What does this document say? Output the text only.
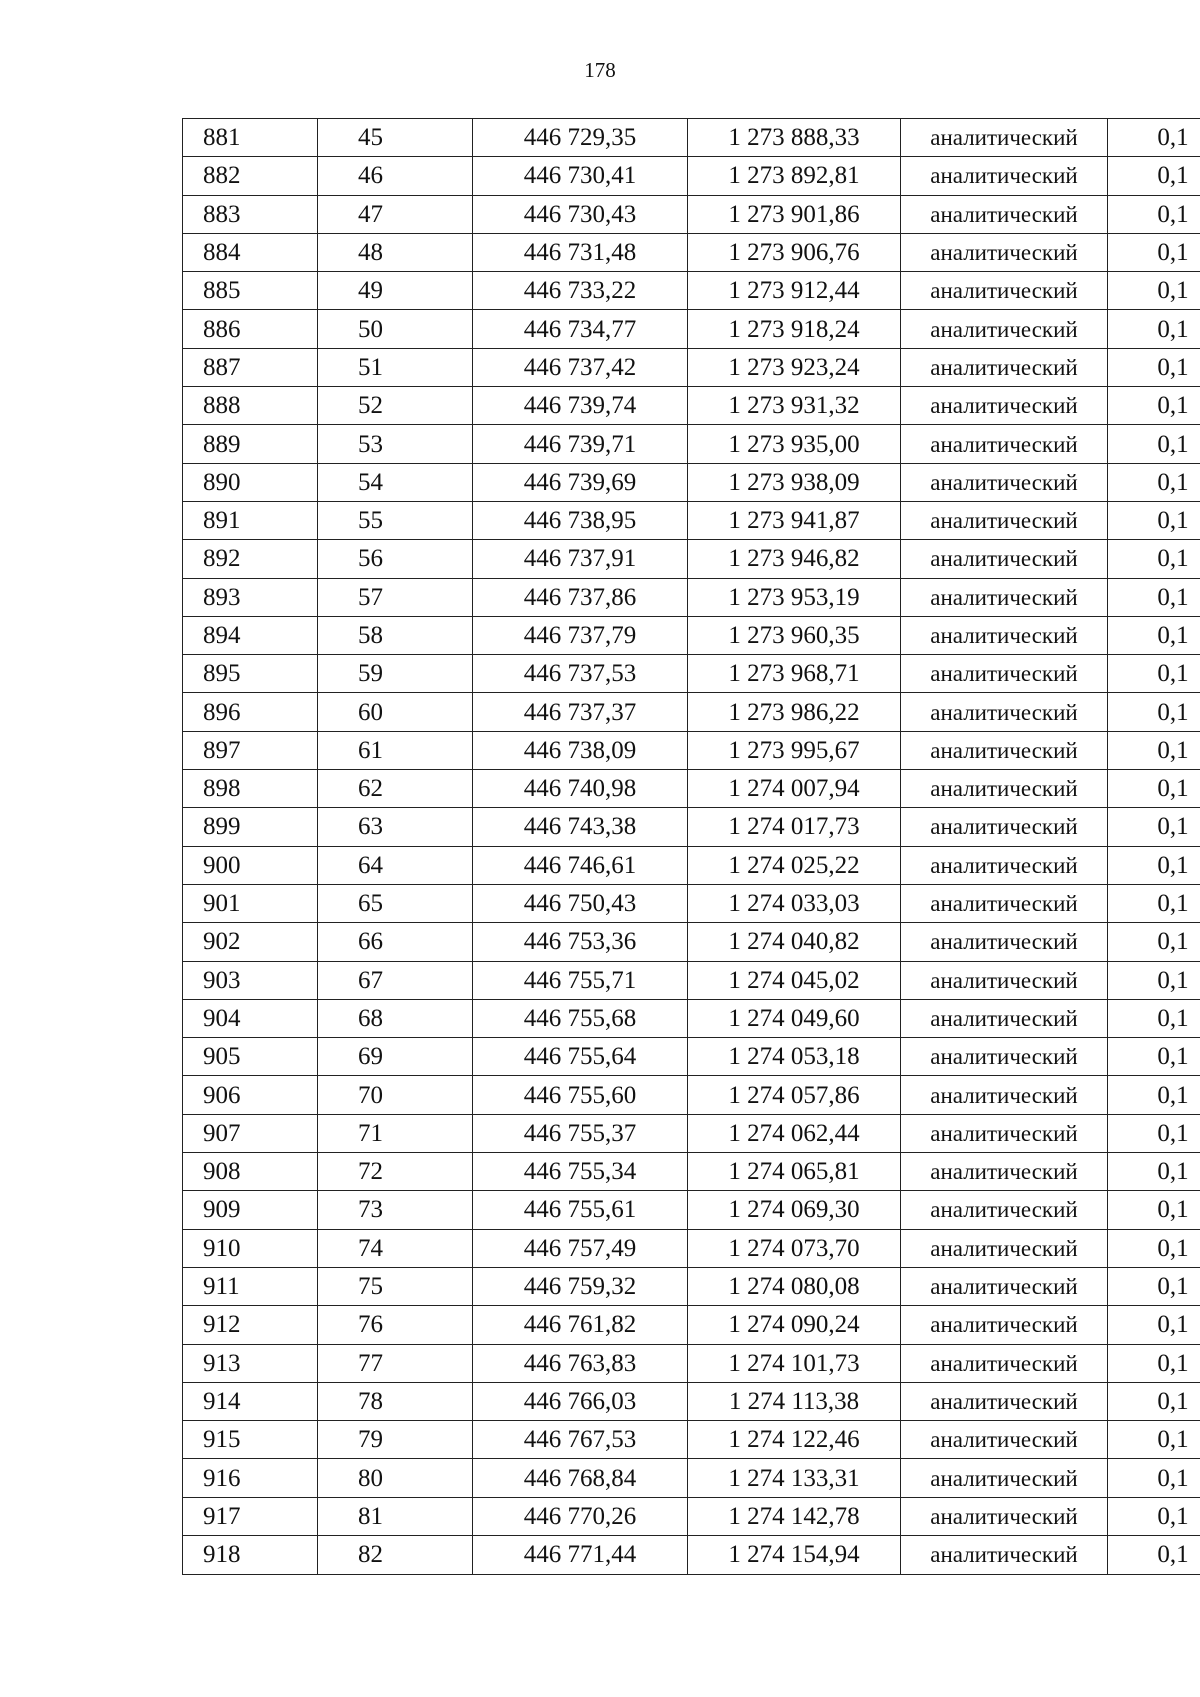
178
881	45	446 729,35	1 273 888,33	аналитический	0,1
882	46	446 730,41	1 273 892,81	аналитический	0,1
883	47	446 730,43	1 273 901,86	аналитический	0,1
884	48	446 731,48	1 273 906,76	аналитический	0,1
885	49	446 733,22	1 273 912,44	аналитический	0,1
886	50	446 734,77	1 273 918,24	аналитический	0,1
887	51	446 737,42	1 273 923,24	аналитический	0,1
888	52	446 739,74	1 273 931,32	аналитический	0,1
889	53	446 739,71	1 273 935,00	аналитический	0,1
890	54	446 739,69	1 273 938,09	аналитический	0,1
891	55	446 738,95	1 273 941,87	аналитический	0,1
892	56	446 737,91	1 273 946,82	аналитический	0,1
893	57	446 737,86	1 273 953,19	аналитический	0,1
894	58	446 737,79	1 273 960,35	аналитический	0,1
895	59	446 737,53	1 273 968,71	аналитический	0,1
896	60	446 737,37	1 273 986,22	аналитический	0,1
897	61	446 738,09	1 273 995,67	аналитический	0,1
898	62	446 740,98	1 274 007,94	аналитический	0,1
899	63	446 743,38	1 274 017,73	аналитический	0,1
900	64	446 746,61	1 274 025,22	аналитический	0,1
901	65	446 750,43	1 274 033,03	аналитический	0,1
902	66	446 753,36	1 274 040,82	аналитический	0,1
903	67	446 755,71	1 274 045,02	аналитический	0,1
904	68	446 755,68	1 274 049,60	аналитический	0,1
905	69	446 755,64	1 274 053,18	аналитический	0,1
906	70	446 755,60	1 274 057,86	аналитический	0,1
907	71	446 755,37	1 274 062,44	аналитический	0,1
908	72	446 755,34	1 274 065,81	аналитический	0,1
909	73	446 755,61	1 274 069,30	аналитический	0,1
910	74	446 757,49	1 274 073,70	аналитический	0,1
911	75	446 759,32	1 274 080,08	аналитический	0,1
912	76	446 761,82	1 274 090,24	аналитический	0,1
913	77	446 763,83	1 274 101,73	аналитический	0,1
914	78	446 766,03	1 274 113,38	аналитический	0,1
915	79	446 767,53	1 274 122,46	аналитический	0,1
916	80	446 768,84	1 274 133,31	аналитический	0,1
917	81	446 770,26	1 274 142,78	аналитический	0,1
918	82	446 771,44	1 274 154,94	аналитический	0,1
